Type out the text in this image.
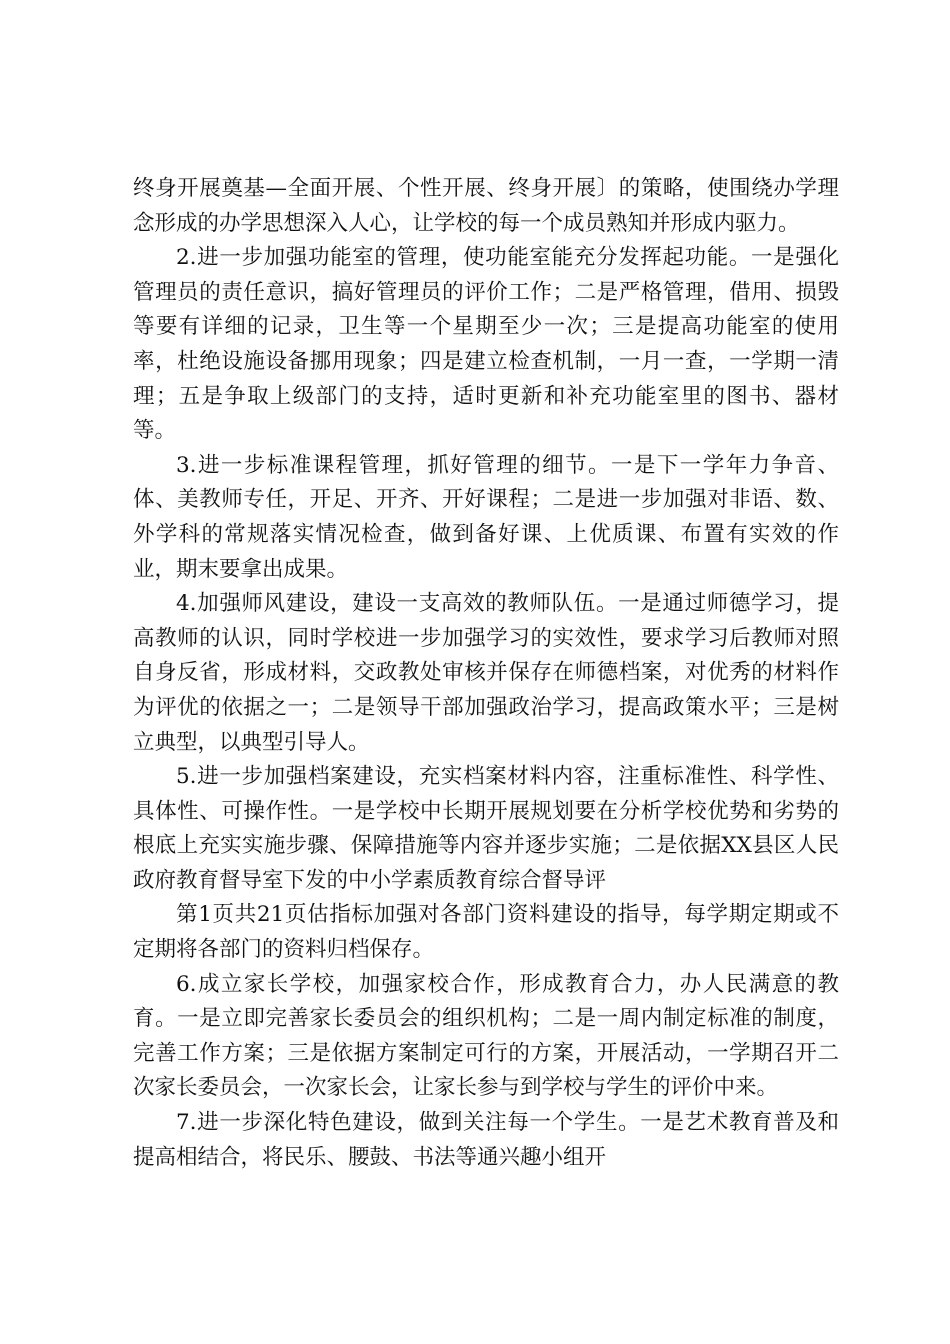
终身开展奠基—全面开展、个性开展、终身开展〕的策略，使围绕办学理念形成的办学思想深入人心，让学校的每一个成员熟知并形成内驱力。

2.进一步加强功能室的管理，使功能室能充分发挥起功能。一是强化管理员的责任意识，搞好管理员的评价工作；二是严格管理，借用、损毁等要有详细的记录，卫生等一个星期至少一次；三是提高功能室的使用率，杜绝设施设备挪用现象；四是建立检查机制，一月一查，一学期一清理；五是争取上级部门的支持，适时更新和补充功能室里的图书、器材等。

3.进一步标准课程管理，抓好管理的细节。一是下一学年力争音、体、美教师专任，开足、开齐、开好课程；二是进一步加强对非语、数、外学科的常规落实情况检查，做到备好课、上优质课、布置有实效的作业，期末要拿出成果。

4.加强师风建设，建设一支高效的教师队伍。一是通过师德学习，提高教师的认识，同时学校进一步加强学习的实效性，要求学习后教师对照自身反省，形成材料，交政教处审核并保存在师德档案，对优秀的材料作为评优的依据之一；二是领导干部加强政治学习，提高政策水平；三是树立典型，以典型引导人。

5.进一步加强档案建设，充实档案材料内容，注重标准性、科学性、具体性、可操作性。一是学校中长期开展规划要在分析学校优势和劣势的根底上充实实施步骤、保障措施等内容并逐步实施；二是依据XX县区人民政府教育督导室下发的中小学素质教育综合督导评

第1页共21页估指标加强对各部门资料建设的指导，每学期定期或不定期将各部门的资料归档保存。

6.成立家长学校，加强家校合作，形成教育合力，办人民满意的教育。一是立即完善家长委员会的组织机构；二是一周内制定标准的制度，完善工作方案；三是依据方案制定可行的方案，开展活动，一学期召开二次家长委员会，一次家长会，让家长参与到学校与学生的评价中来。

7.进一步深化特色建设，做到关注每一个学生。一是艺术教育普及和提高相结合，将民乐、腰鼓、书法等通兴趣小组开
